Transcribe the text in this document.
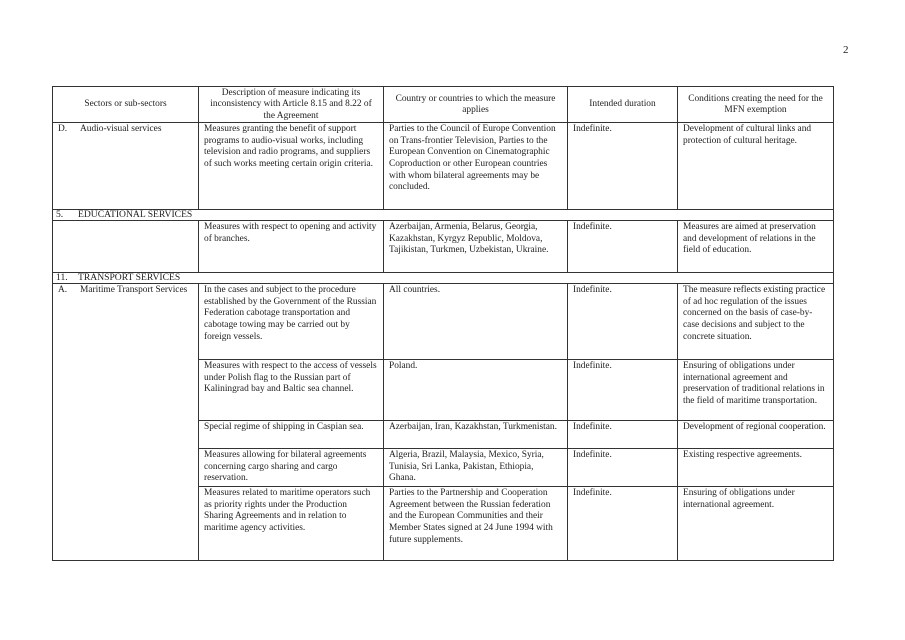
2
Sectors or sub-sectors	Description of measure indicating its inconsistency with Article 8.15 and 8.22 of the Agreement	Country or countries to which the measure applies	Intended duration	Conditions creating the need for the MFN exemption

D. Audio-visual services	Measures granting the benefit of support programs to audio-visual works, including television and radio programs, and suppliers of such works meeting certain origin criteria.	Parties to the Council of Europe Convention on Trans-frontier Television, Parties to the European Convention on Cinematographic Coproduction or other European countries with whom bilateral agreements may be concluded.	Indefinite.	Development of cultural links and protection of cultural heritage.
5. EDUCATIONAL SERVICES				
	Measures with respect to opening and activity of branches.	Azerbaijan, Armenia, Belarus, Georgia, Kazakhstan, Kyrgyz Republic, Moldova, Tajikistan, Turkmen, Uzbekistan, Ukraine.	Indefinite.	Measures are aimed at preservation and development of relations in the field of education.
11. TRANSPORT SERVICES				

A. Maritime Transport Services	In the cases and subject to the procedure established by the Government of the Russian Federation cabotage transportation and cabotage towing may be carried out by foreign vessels.	All countries.	Indefinite.	The measure reflects existing practice of ad hoc regulation of the issues concerned on the basis of case-by-case decisions and subject to the concrete situation.
	Measures with respect to the access of vessels under Polish flag to the Russian part of Kaliningrad bay and Baltic sea channel.	Poland.	Indefinite.	Ensuring of obligations under international agreement and preservation of traditional relations in the field of maritime transportation.
	Special regime of shipping in Caspian sea.	Azerbaijan, Iran, Kazakhstan, Turkmenistan.	Indefinite.	Development of regional cooperation.
	Measures allowing for bilateral agreements concerning cargo sharing and cargo reservation.	Algeria, Brazil, Malaysia, Mexico, Syria, Tunisia, Sri Lanka, Pakistan, Ethiopia, Ghana.	Indefinite.	Existing respective agreements.
	Measures related to maritime operators such as priority rights under the Production Sharing Agreements and in relation to maritime agency activities.	Parties to the Partnership and Cooperation Agreement between the Russian federation and the European Communities and their Member States signed at 24 June 1994 with future supplements.	Indefinite.	Ensuring of obligations under international agreement.
